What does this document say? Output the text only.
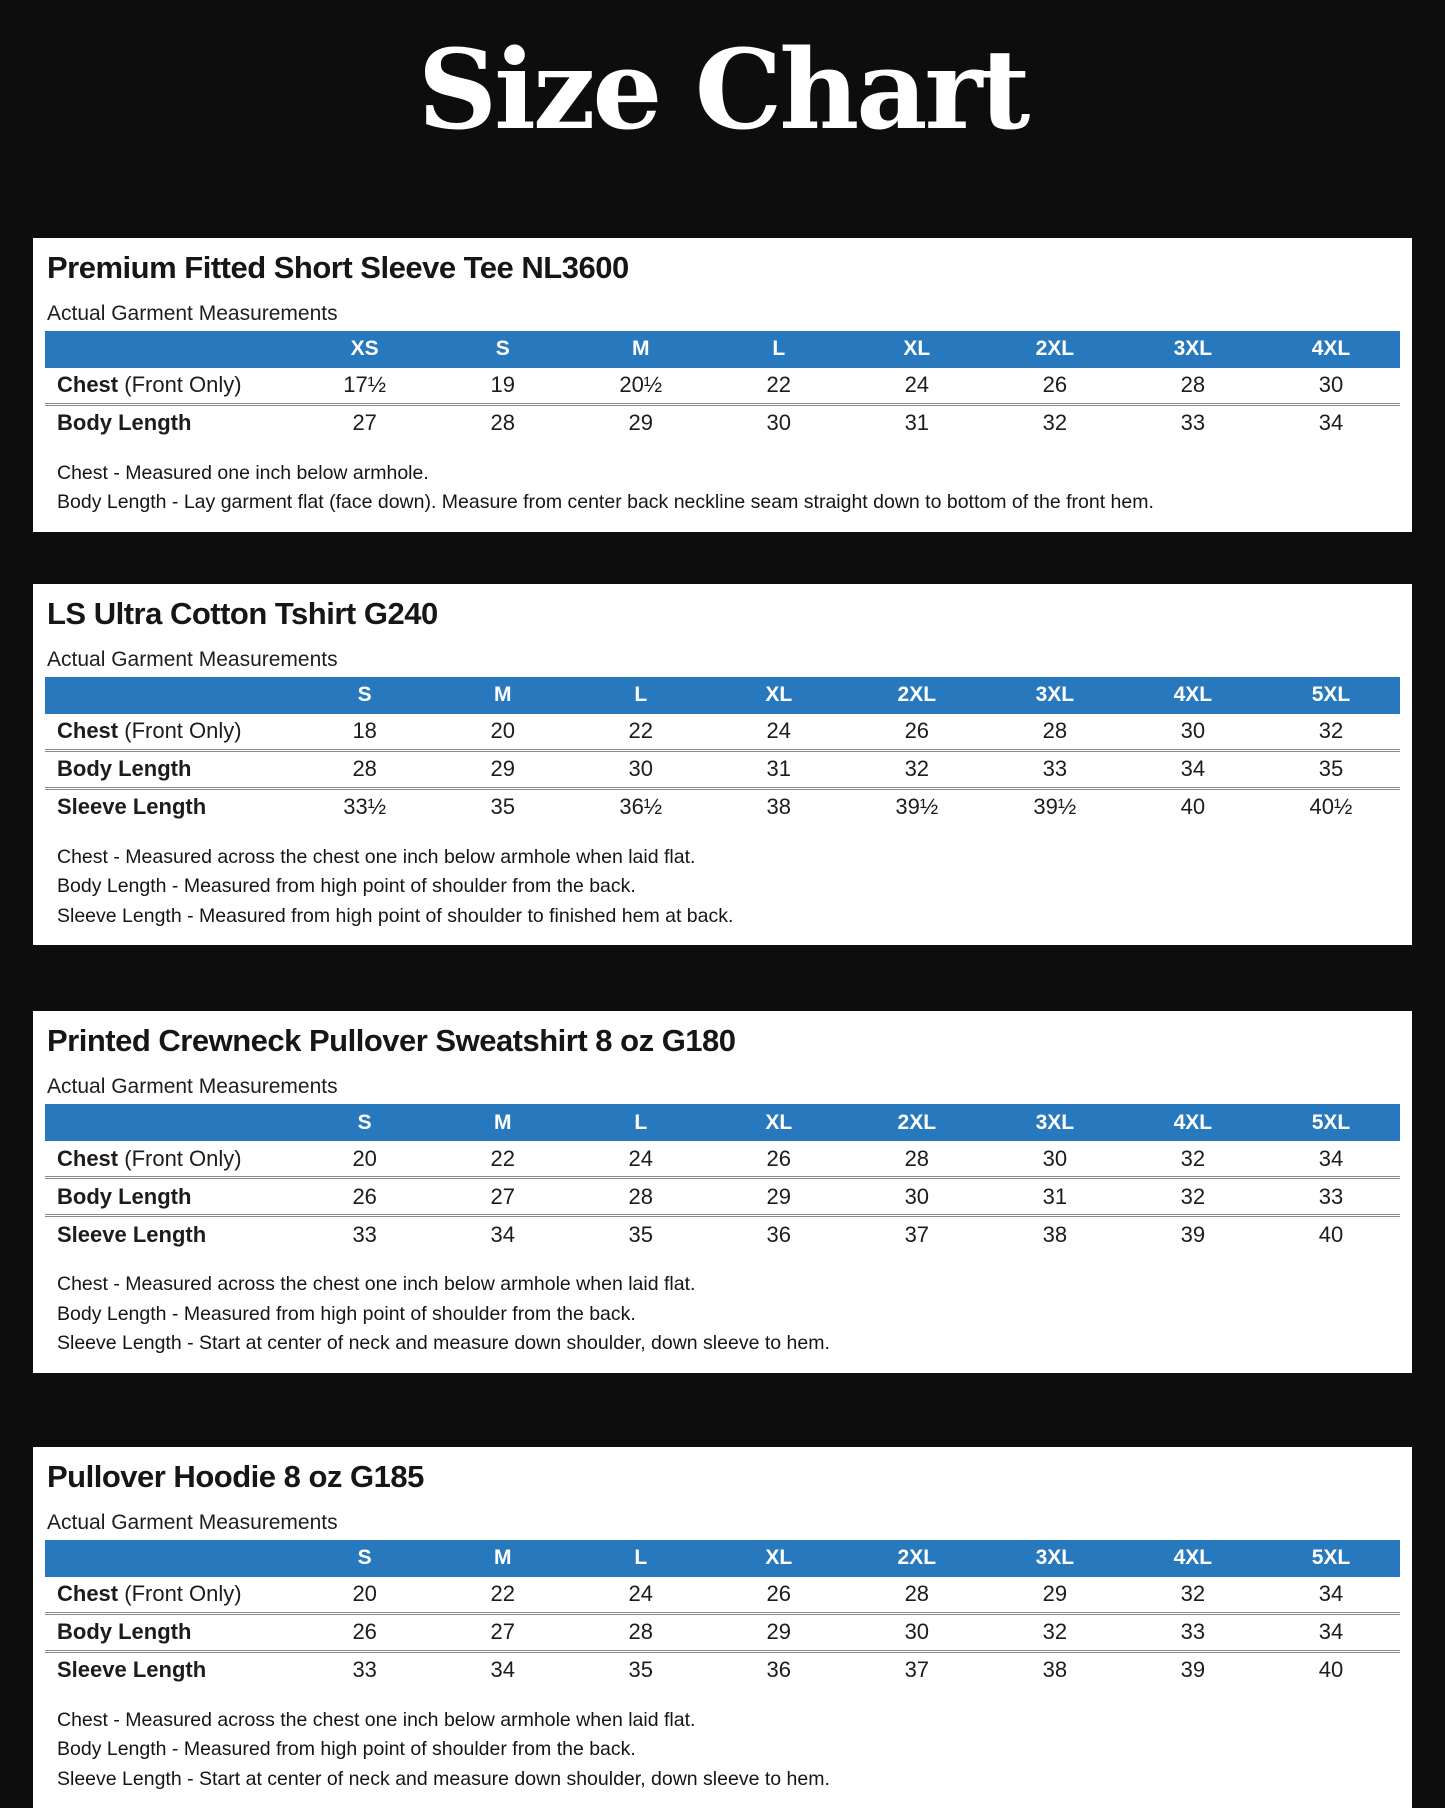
Size Chart
Premium Fitted Short Sleeve Tee NL3600

Actual Garment Measurements

	XS	S	M	L	XL	2XL	3XL	4XL
Chest (Front Only)	17½	19	20½	22	24	26	28	30
Body Length	27	28	29	30	31	32	33	34

Chest - Measured one inch below armhole.

Body Length - Lay garment flat (face down). Measure from center back neckline seam straight down to bottom of the front hem.

LS Ultra Cotton Tshirt G240

Actual Garment Measurements

	S	M	L	XL	2XL	3XL	4XL	5XL
Chest (Front Only)	18	20	22	24	26	28	30	32
Body Length	28	29	30	31	32	33	34	35
Sleeve Length	33½	35	36½	38	39½	39½	40	40½

Chest - Measured across the chest one inch below armhole when laid flat.

Body Length - Measured from high point of shoulder from the back.

Sleeve Length - Measured from high point of shoulder to finished hem at back.

Printed Crewneck Pullover Sweatshirt 8 oz G180

Actual Garment Measurements

	S	M	L	XL	2XL	3XL	4XL	5XL
Chest (Front Only)	20	22	24	26	28	30	32	34
Body Length	26	27	28	29	30	31	32	33
Sleeve Length	33	34	35	36	37	38	39	40

Chest - Measured across the chest one inch below armhole when laid flat.

Body Length - Measured from high point of shoulder from the back.

Sleeve Length - Start at center of neck and measure down shoulder, down sleeve to hem.

Pullover Hoodie 8 oz G185

Actual Garment Measurements

	S	M	L	XL	2XL	3XL	4XL	5XL
Chest (Front Only)	20	22	24	26	28	29	32	34
Body Length	26	27	28	29	30	32	33	34
Sleeve Length	33	34	35	36	37	38	39	40

Chest - Measured across the chest one inch below armhole when laid flat.

Body Length - Measured from high point of shoulder from the back.

Sleeve Length - Start at center of neck and measure down shoulder, down sleeve to hem.
